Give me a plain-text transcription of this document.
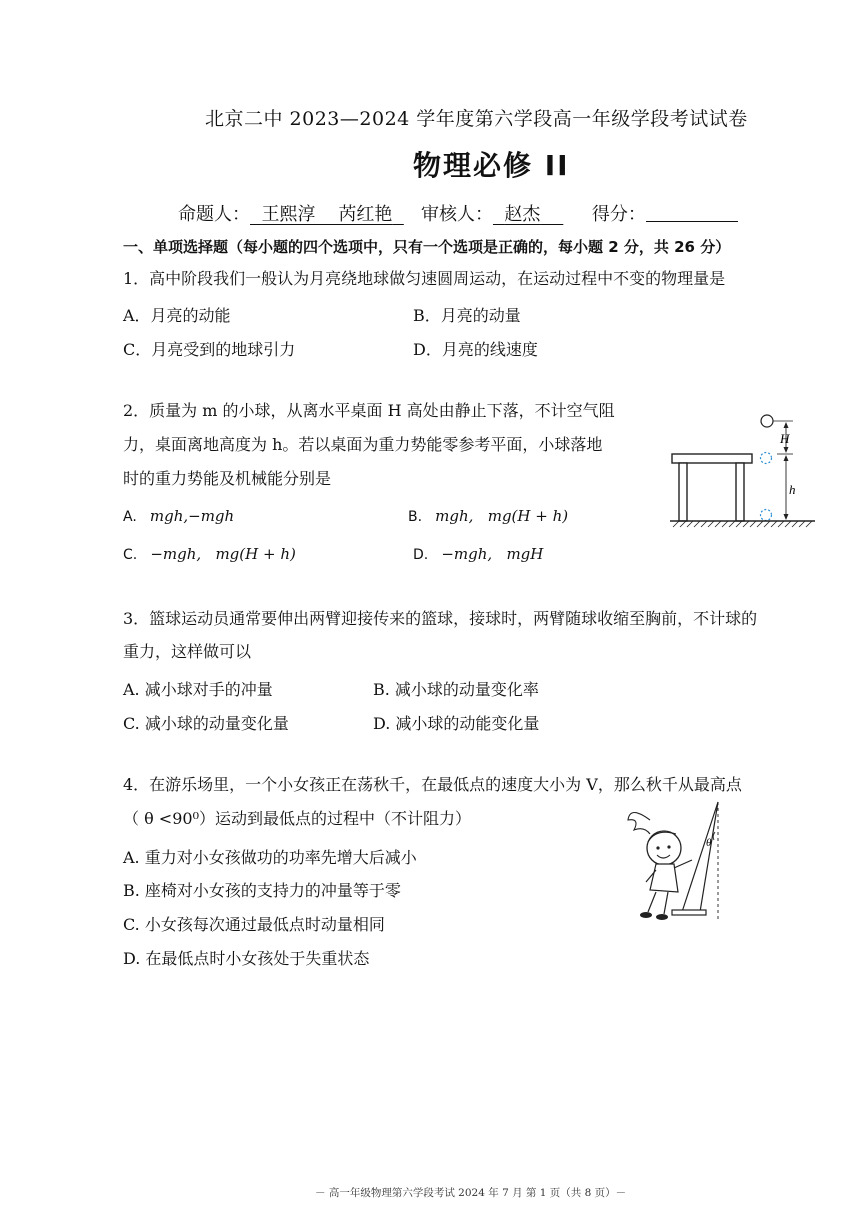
北京二中 2023—2024 学年度第六学段高一年级学段考试试卷
物理必修 II
命题人： 王熙淳    芮红艳 审核人： 赵杰	得分：
一、单项选择题（每小题的四个选项中，只有一个选项是正确的，每小题 2 分，共 26 分）
1．高中阶段我们一般认为月亮绕地球做匀速圆周运动，在运动过程中不变的物理量是
A．月亮的动能	B．月亮的动量
C．月亮受到的地球引力	D．月亮的线速度
2．质量为 m 的小球，从离水平桌面 H 高处由静止下落，不计空气阻
力，桌面离地高度为 h。若以桌面为重力势能零参考平面，小球落地
时的重力势能及机械能分别是
A. mgh,−mgh	B. mgh,   mg(H + h)
C. −mgh,   mg(H + h)	D. −mgh,   mgH
H
h
3．篮球运动员通常要伸出两臂迎接传来的篮球，接球时，两臂随球收缩至胸前，不计球的
重力，这样做可以
A. 减小球对手的冲量	B. 减小球的动量变化率
C. 减小球的动量变化量	D. 减小球的动能变化量
4．在游乐场里，一个小女孩正在荡秋千，在最低点的速度大小为 V，那么秋千从最高点
（ θ <90⁰）运动到最低点的过程中（不计阻力）
A. 重力对小女孩做功的功率先增大后减小
B. 座椅对小女孩的支持力的冲量等于零
C. 小女孩每次通过最低点时动量相同
D. 在最低点时小女孩处于失重状态
θ
－ 高一年级物理第六学段考试 2024 年 7 月 第 1 页（共 8 页）－
